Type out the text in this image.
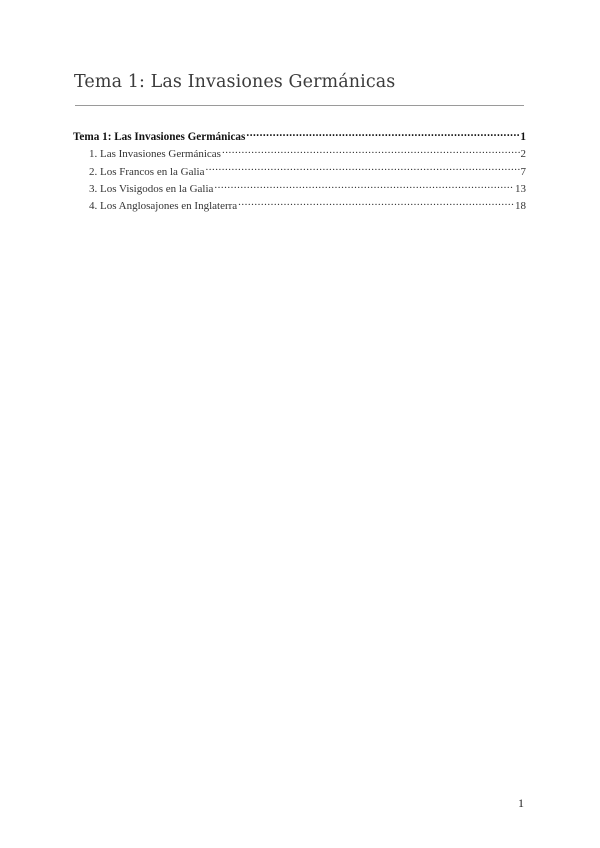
Tema 1: Las Invasiones Germánicas
Tema 1: Las Invasiones Germánicas .....	1
1. Las Invasiones Germánicas .....	2
2. Los Francos en la Galia .....	7
3. Los Visigodos en la Galia .....	13
4. Los Anglosajones en Inglaterra .....	18
1
